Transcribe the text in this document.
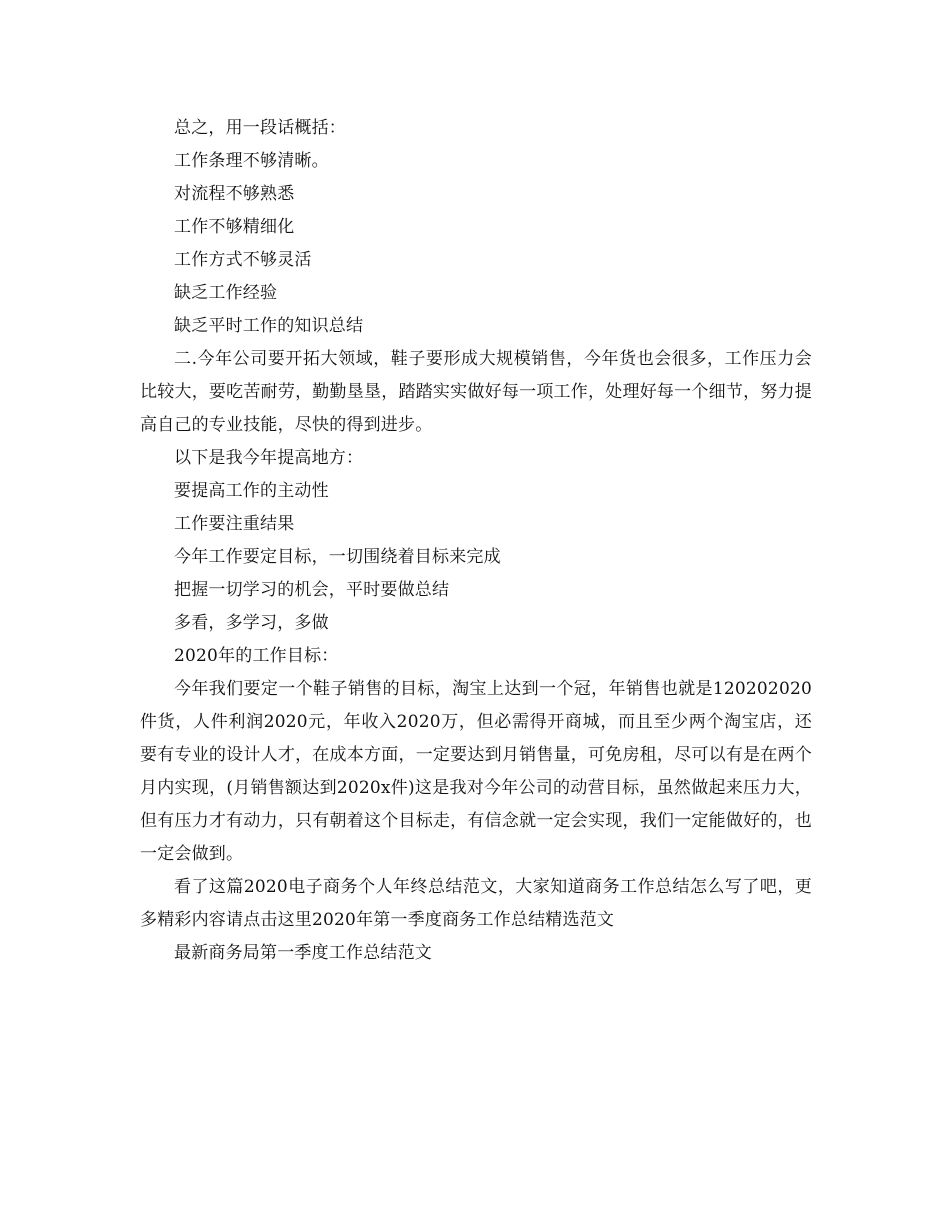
总之，用一段话概括：

工作条理不够清晰。

对流程不够熟悉

工作不够精细化

工作方式不够灵活

缺乏工作经验

缺乏平时工作的知识总结

二.今年公司要开拓大领域，鞋子要形成大规模销售，今年货也会很多，工作压力会比较大，要吃苦耐劳，勤勤垦垦，踏踏实实做好每一项工作，处理好每一个细节，努力提高自己的专业技能，尽快的得到进步。

以下是我今年提高地方：

要提高工作的主动性

工作要注重结果

今年工作要定目标，一切围绕着目标来完成

把握一切学习的机会，平时要做总结

多看，多学习，多做

2020年的工作目标：

今年我们要定一个鞋子销售的目标，淘宝上达到一个冠，年销售也就是120202020件货，人件利润2020元，年收入2020万，但必需得开商城，而且至少两个淘宝店，还要有专业的设计人才，在成本方面，一定要达到月销售量，可免房租，尽可以有是在两个月内实现，(月销售额达到2020x件)这是我对今年公司的动营目标，虽然做起来压力大，但有压力才有动力，只有朝着这个目标走，有信念就一定会实现，我们一定能做好的，也一定会做到。

看了这篇2020电子商务个人年终总结范文，大家知道商务工作总结怎么写了吧，更多精彩内容请点击这里2020年第一季度商务工作总结精选范文

最新商务局第一季度工作总结范文
